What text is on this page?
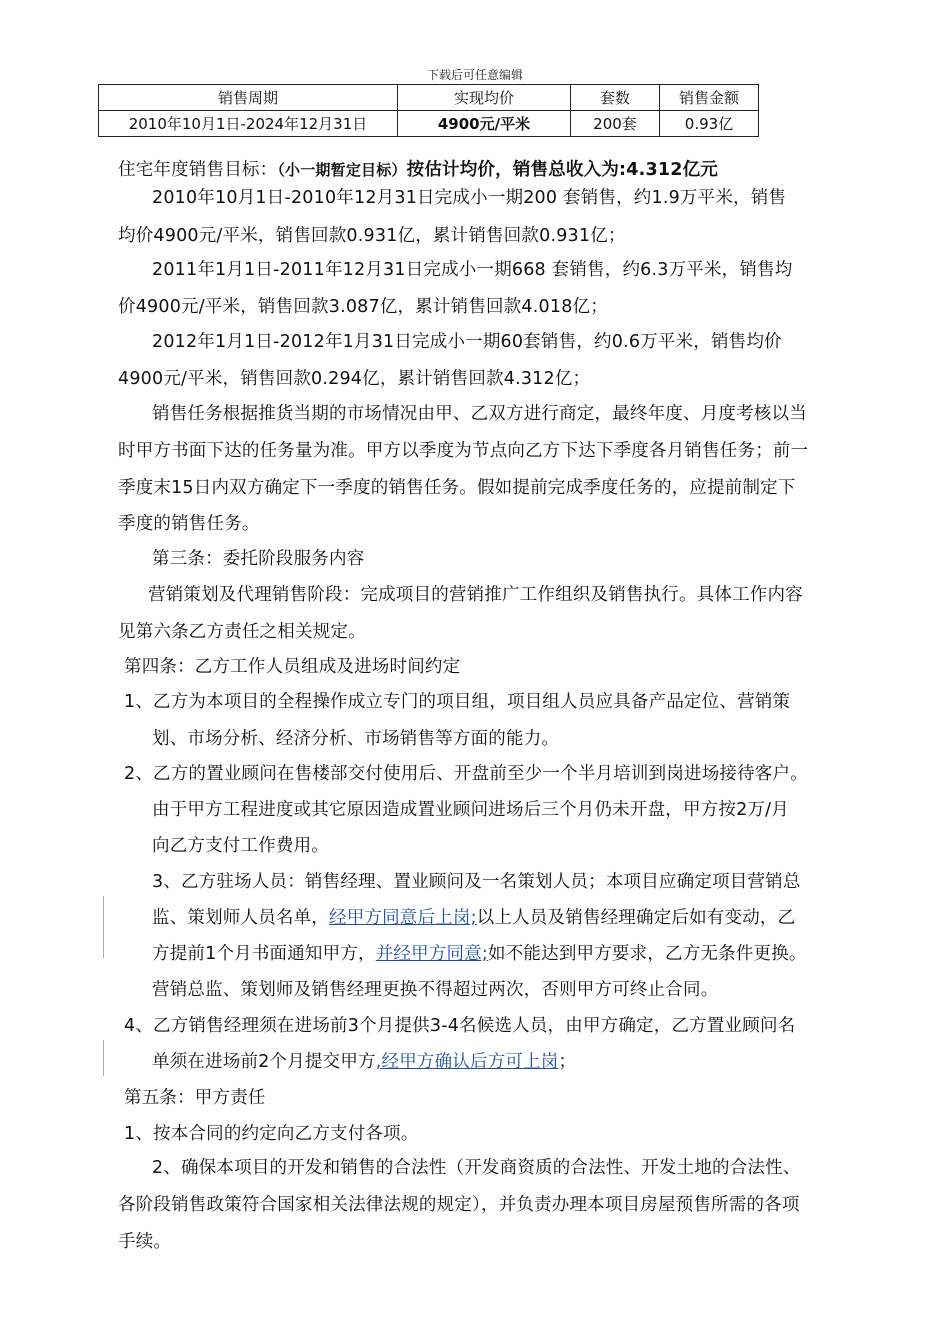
下载后可任意编辑
销售周期	实现均价	套数	销售金额
2010年10月1日-2024年12月31日	4900元/平米	200套	0.93亿
住宅年度销售目标：（小一期暂定目标）按估计均价，销售总收入为:4.312亿元
2010年10月1日-2010年12月31日完成小一期200 套销售，约1.9万平米，销售
均价4900元/平米，销售回款0.931亿，累计销售回款0.931亿；
2011年1月1日-2011年12月31日完成小一期668 套销售，约6.3万平米，销售均
价4900元/平米，销售回款3.087亿，累计销售回款4.018亿；
2012年1月1日-2012年1月31日完成小一期60套销售，约0.6万平米，销售均价
4900元/平米，销售回款0.294亿，累计销售回款4.312亿；
销售任务根据推货当期的市场情况由甲、乙双方进行商定，最终年度、月度考核以当
时甲方书面下达的任务量为准。甲方以季度为节点向乙方下达下季度各月销售任务；前一
季度末15日内双方确定下一季度的销售任务。假如提前完成季度任务的，应提前制定下
季度的销售任务。
第三条：委托阶段服务内容
营销策划及代理销售阶段：完成项目的营销推广工作组织及销售执行。具体工作内容
见第六条乙方责任之相关规定。
第四条：乙方工作人员组成及进场时间约定
1、乙方为本项目的全程操作成立专门的项目组，项目组人员应具备产品定位、营销策
划、市场分析、经济分析、市场销售等方面的能力。
2、乙方的置业顾问在售楼部交付使用后、开盘前至少一个半月培训到岗进场接待客户。
由于甲方工程进度或其它原因造成置业顾问进场后三个月仍未开盘，甲方按2万/月
向乙方支付工作费用。
3、乙方驻场人员：销售经理、置业顾问及一名策划人员；本项目应确定项目营销总
监、策划师人员名单，经甲方同意后上岗;以上人员及销售经理确定后如有变动，乙
方提前1个月书面通知甲方，并经甲方同意;如不能达到甲方要求，乙方无条件更换。
营销总监、策划师及销售经理更换不得超过两次，否则甲方可终止合同。
4、乙方销售经理须在进场前3个月提供3-4名候选人员，由甲方确定，乙方置业顾问名
单须在进场前2个月提交甲方,经甲方确认后方可上岗；
第五条：甲方责任
1、按本合同的约定向乙方支付各项。
2、确保本项目的开发和销售的合法性（开发商资质的合法性、开发土地的合法性、
各阶段销售政策符合国家相关法律法规的规定），并负责办理本项目房屋预售所需的各项
手续。
